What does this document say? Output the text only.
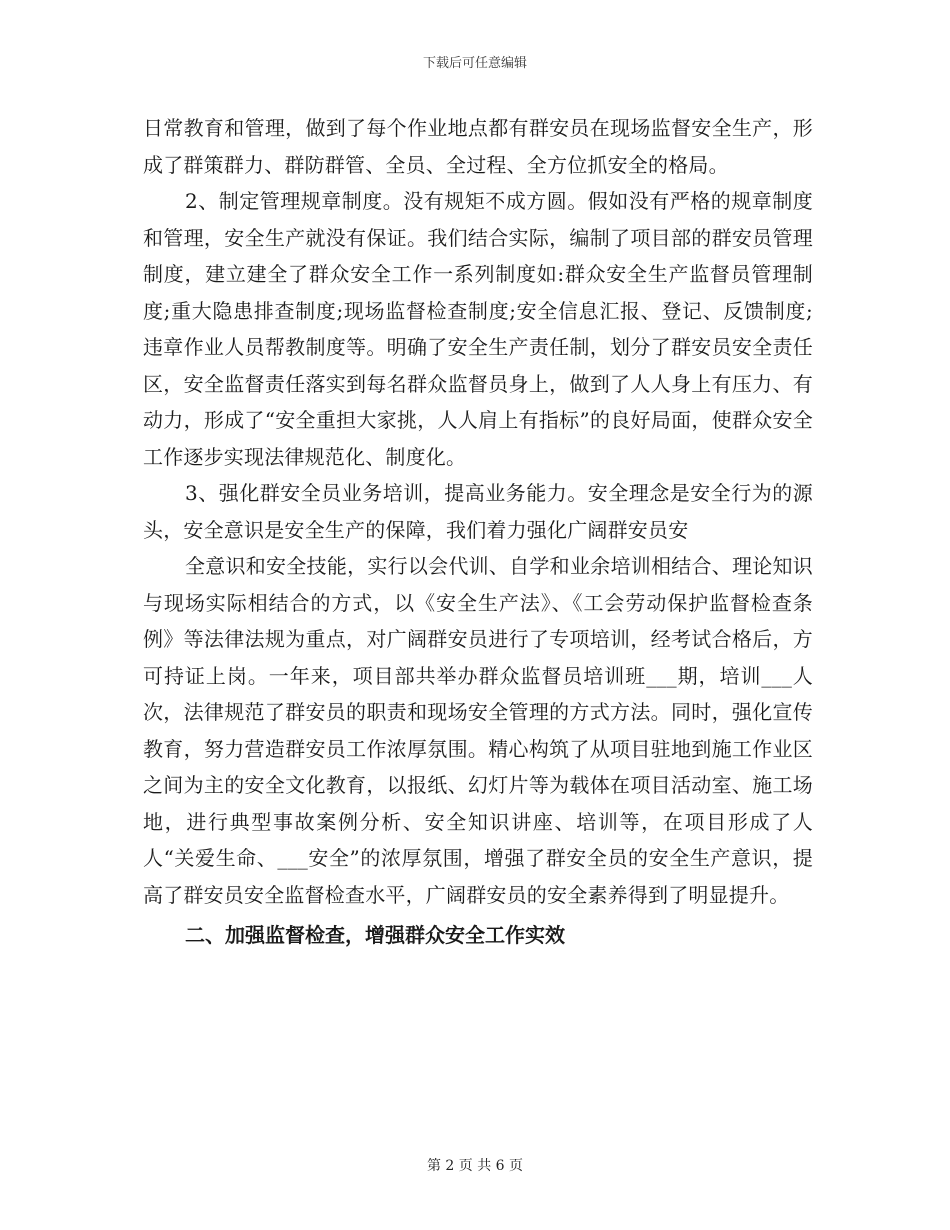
下载后可任意编辑

日常教育和管理，做到了每个作业地点都有群安员在现场监督安全生产，形成了群策群力、群防群管、全员、全过程、全方位抓安全的格局。

2、制定管理规章制度。没有规矩不成方圆。假如没有严格的规章制度和管理，安全生产就没有保证。我们结合实际，编制了项目部的群安员管理制度，建立建全了群众安全工作一系列制度如:群众安全生产监督员管理制度;重大隐患排查制度;现场监督检查制度;安全信息汇报、登记、反馈制度;违章作业人员帮教制度等。明确了安全生产责任制，划分了群安员安全责任区，安全监督责任落实到每名群众监督员身上，做到了人人身上有压力、有动力，形成了“安全重担大家挑，人人肩上有指标”的良好局面，使群众安全工作逐步实现法律规范化、制度化。

3、强化群安全员业务培训，提高业务能力。安全理念是安全行为的源头，安全意识是安全生产的保障，我们着力强化广阔群安员安

全意识和安全技能，实行以会代训、自学和业余培训相结合、理论知识与现场实际相结合的方式，以《安全生产法》、《工会劳动保护监督检查条例》等法律法规为重点，对广阔群安员进行了专项培训，经考试合格后，方可持证上岗。一年来，项目部共举办群众监督员培训班___期，培训___人次，法律规范了群安员的职责和现场安全管理的方式方法。同时，强化宣传教育，努力营造群安员工作浓厚氛围。精心构筑了从项目驻地到施工作业区之间为主的安全文化教育，以报纸、幻灯片等为载体在项目活动室、施工场地，进行典型事故案例分析、安全知识讲座、培训等，在项目形成了人人“关爱生命、___安全”的浓厚氛围，增强了群安全员的安全生产意识，提高了群安员安全监督检查水平，广阔群安员的安全素养得到了明显提升。

二、加强监督检查，增强群众安全工作实效

第 2 页 共 6 页
